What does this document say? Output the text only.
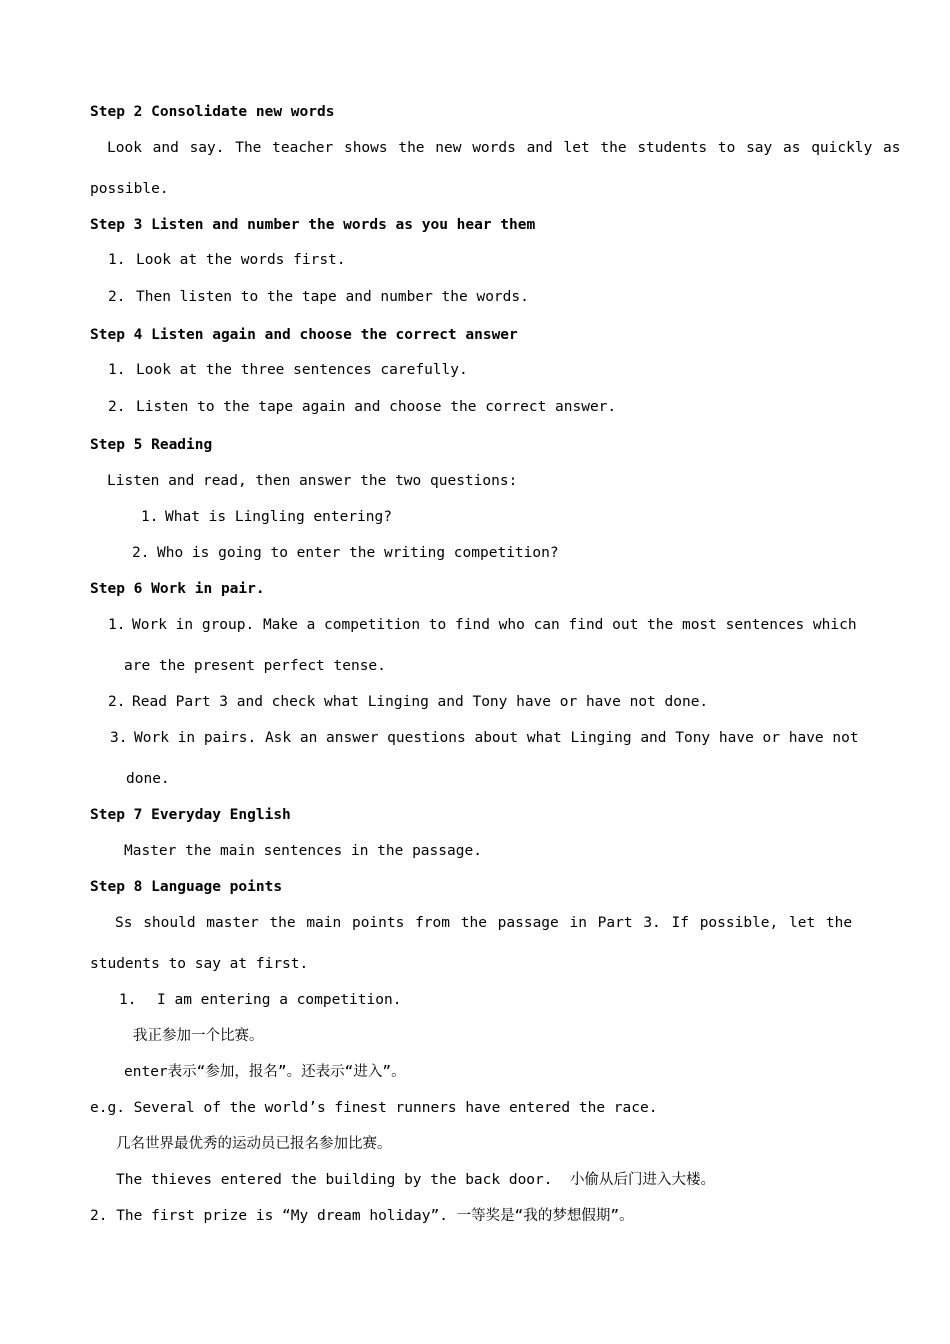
Step 2 Consolidate new words
Look and say. The teacher shows the new words and let the students to say as quickly as
possible.
Step 3 Listen and number the words as you hear them
1. Look at the words first.
2. Then listen to the tape and number the words.
Step 4 Listen again and choose the correct answer
1. Look at the three sentences carefully.
2. Listen to the tape again and choose the correct answer.
Step 5 Reading
Listen and read, then answer the two questions:
1. What is Lingling entering?
2. Who is going to enter the writing competition?
Step 6 Work in pair.
1. Work in group. Make a competition to find who can find out the most sentences which
are the present perfect tense.
2. Read Part 3 and check what Linging and Tony have or have not done.
3. Work in pairs. Ask an answer questions about what Linging and Tony have or have not
done.
Step 7 Everyday English
Master the main sentences in the passage.
Step 8 Language points
Ss should master the main points from the passage in Part 3. If possible, let the
students to say at first.
1. I am entering a competition.
我正参加一个比赛。
enter表示“参加，报名”。还表示“进入”。
e.g. Several of the world’s finest runners have entered the race.
几名世界最优秀的运动员已报名参加比赛。
The thieves entered the building by the back door.  小偷从后门进入大楼。
2. The first prize is “My dream holiday”. 一等奖是“我的梦想假期”。
